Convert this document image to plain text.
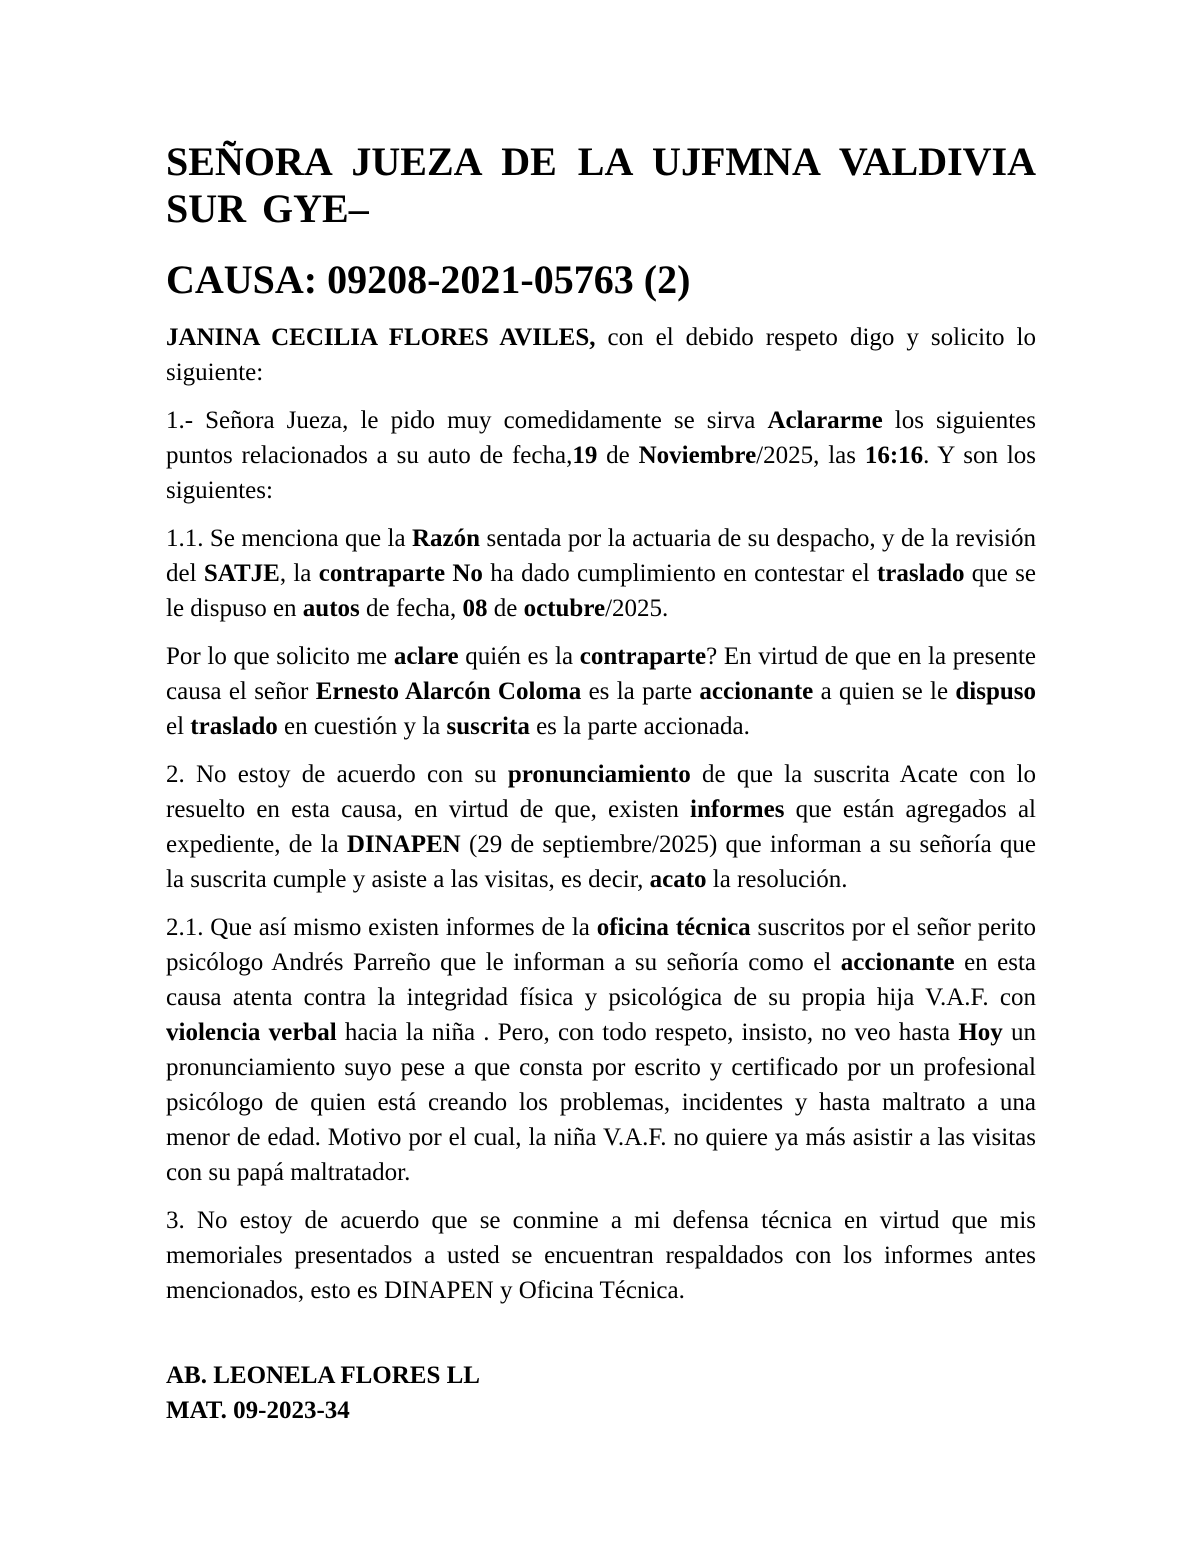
SEÑORA JUEZA DE LA UJFMNA VALDIVIA SUR GYE–
CAUSA: 09208-2021-05763 (2)

JANINA CECILIA FLORES AVILES, con el debido respeto digo y solicito lo siguiente:

1.- Señora Jueza, le pido muy comedidamente se sirva Aclararme los siguientes puntos relacionados a su auto de fecha,19 de Noviembre/2025, las 16:16. Y son los siguientes:

1.1. Se menciona que la Razón sentada por la actuaria de su despacho, y de la revisión del SATJE, la contraparte No ha dado cumplimiento en contestar el traslado que se le dispuso en autos de fecha, 08 de octubre/2025.

Por lo que solicito me aclare quién es la contraparte? En virtud de que en la presente causa el señor Ernesto Alarcón Coloma es la parte accionante a quien se le dispuso el traslado en cuestión y la suscrita es la parte accionada.

2. No estoy de acuerdo con su pronunciamiento de que la suscrita Acate con lo resuelto en esta causa, en virtud de que, existen informes que están agregados al expediente, de la DINAPEN (29 de septiembre/2025) que informan a su señoría que la suscrita cumple y asiste a las visitas, es decir, acato la resolución.

2.1. Que así mismo existen informes de la oficina técnica suscritos por el señor perito psicólogo Andrés Parreño que le informan a su señoría como el accionante en esta causa atenta contra la integridad física y psicológica de su propia hija V.A.F. con violencia verbal hacia la niña . Pero, con todo respeto, insisto, no veo hasta Hoy un pronunciamiento suyo pese a que consta por escrito y certificado por un profesional psicólogo de quien está creando los problemas, incidentes y hasta maltrato a una menor de edad. Motivo por el cual, la niña V.A.F. no quiere ya más asistir a las visitas con su papá maltratador.

3. No estoy de acuerdo que se conmine a mi defensa técnica en virtud que mis memoriales presentados a usted se encuentran respaldados con los informes antes mencionados, esto es DINAPEN y Oficina Técnica.

AB. LEONELA FLORES LL
MAT. 09-2023-34
